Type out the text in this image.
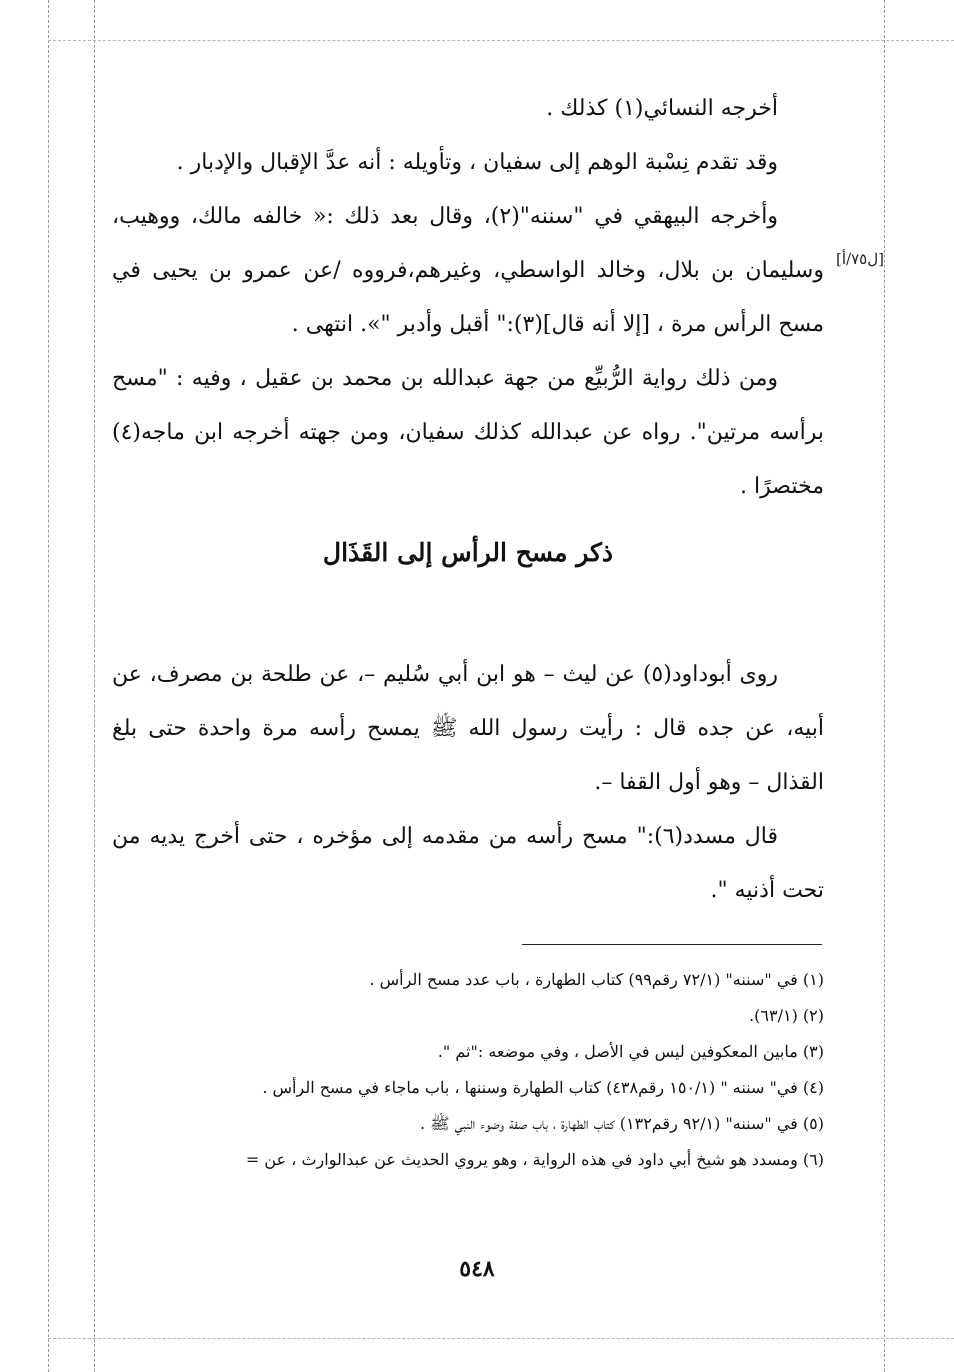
[ل٧٥/أ]

أخرجه النسائي(١) كذلك .

وقد تقدم نِسْبة الوهم إلى سفيان ، وتأويله : أنه عدَّ الإقبال والإدبار .

وأخرجه البيهقي في "سننه"(٢)، وقال بعد ذلك :« خالفه مالك، ووهيب، وسليمان بن بلال، وخالد الواسطي، وغيرهم،فرووه /عن عمرو بن يحيى في مسح الرأس مرة ، [إلا أنه قال](٣):" أقبل وأدبر "». انتهى .

ومن ذلك رواية الرُّبيِّع من جهة عبدالله بن محمد بن عقيل ، وفيه : "مسح برأسه مرتين". رواه عن عبدالله كذلك سفيان، ومن جهته أخرجه ابن ماجه(٤) مختصرًا .

ذكر مسح الرأس إلى القَذَال

روى أبوداود(٥) عن ليث – هو ابن أبي سُليم –، عن طلحة بن مصرف، عن أبيه، عن جده قال : رأيت رسول الله ﷺ يمسح رأسه مرة واحدة حتى بلغ القذال – وهو أول القفا –.

قال مسدد(٦):" مسح رأسه من مقدمه إلى مؤخره ، حتى أخرج يديه من تحت أذنيه ".

(١) في "سننه" (٧٢/١ رقم٩٩) كتاب الطهارة ، باب عدد مسح الرأس .

(٢) (٦٣/١).

(٣) مابين المعكوفين ليس في الأصل ، وفي موضعه :"ثم ".

(٤) في" سننه " (١٥٠/١ رقم٤٣٨) كتاب الطهارة وسننها ، باب ماجاء في مسح الرأس .

(٥) في "سننه" (٩٢/١ رقم١٣٢) كتاب الطهارة ، باب صفة وضوء النبي ﷺ .

(٦) ومسدد هو شيخ أبي داود في هذه الرواية ، وهو يروي الحديث عن عبدالوارث ، عن =

٥٤٨
